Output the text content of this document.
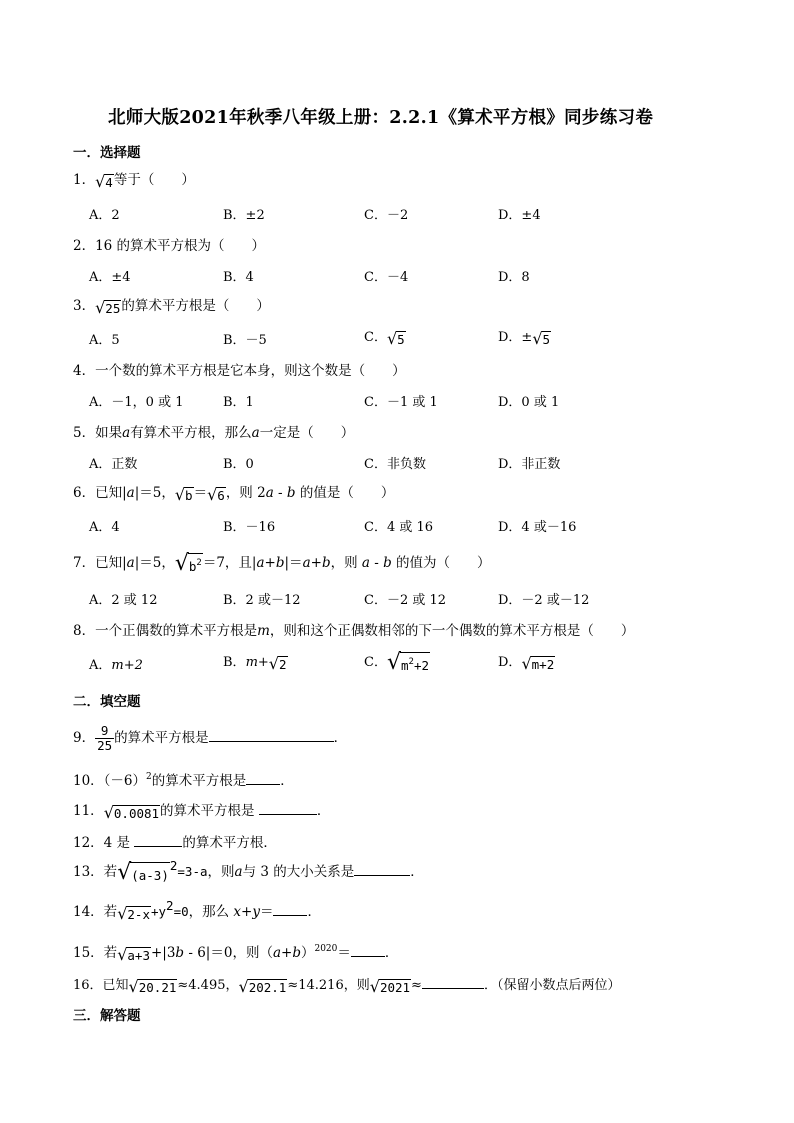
北师大版2021年秋季八年级上册：2.2.1《算术平方根》同步练习卷
一．选择题
1． √ 4 等于（　　）
A．2	B．±2	C．－2	D．±4
2．16 的算术平方根为（　　）
A．±4	B．4	C．－4	D．8
3． √ 25 的算术平方根是（　　）
A．5	B．－5	C． √ 5	D．± √ 5
4．一个数的算术平方根是它本身，则这个数是（　　）
A．－1，0 或 1	B．1	C．－1 或 1	D．0 或 1
5．如果a有算术平方根，那么a一定是（　　）
A．正数	B．0	C．非负数	D．非正数
6．已知|a|＝5， √ b ＝ √ 6 ，则 2a - b 的值是（　　）
A．4	B．－16	C．4 或 16	D．4 或－16
7．已知|a|＝5， √ $b^2 =7$，且|a+b|＝a+b，则 a - b 的值为（　　）
A．2 或 12	B．2 或－12	C．－2 或 12	D．－2 或－12
8．一个正偶数的算术平方根是m，则和这个正偶数相邻的下一个偶数的算术平方根是（　　）
A．m+2	B．m+ √ 2	C． √ $m^2+2$	D． √ m+2
二．填空题
9． $\frac{9}{25}$ 的算术平方根是	．
10．$(-6)^2$的算术平方根是	．
11． √ 0.0081 的算术平方根是	．
12．4 是	的算术平方根．
13．若 √ (a-3)
$^2$=3-a，则a与 3 的大小关系是	．
14．若 √ $2-x +y^2=0$，那么 x+y＝	．
15．若 √ a+3 +|3b - 6|＝0，则$(a+b)^{2020}=$	．
16．已知 √ 20.21 ≈4.495， √ 202.1 ≈14.216，则 √ 2021 ≈	．（保留小数点后两位）
三．解答题
